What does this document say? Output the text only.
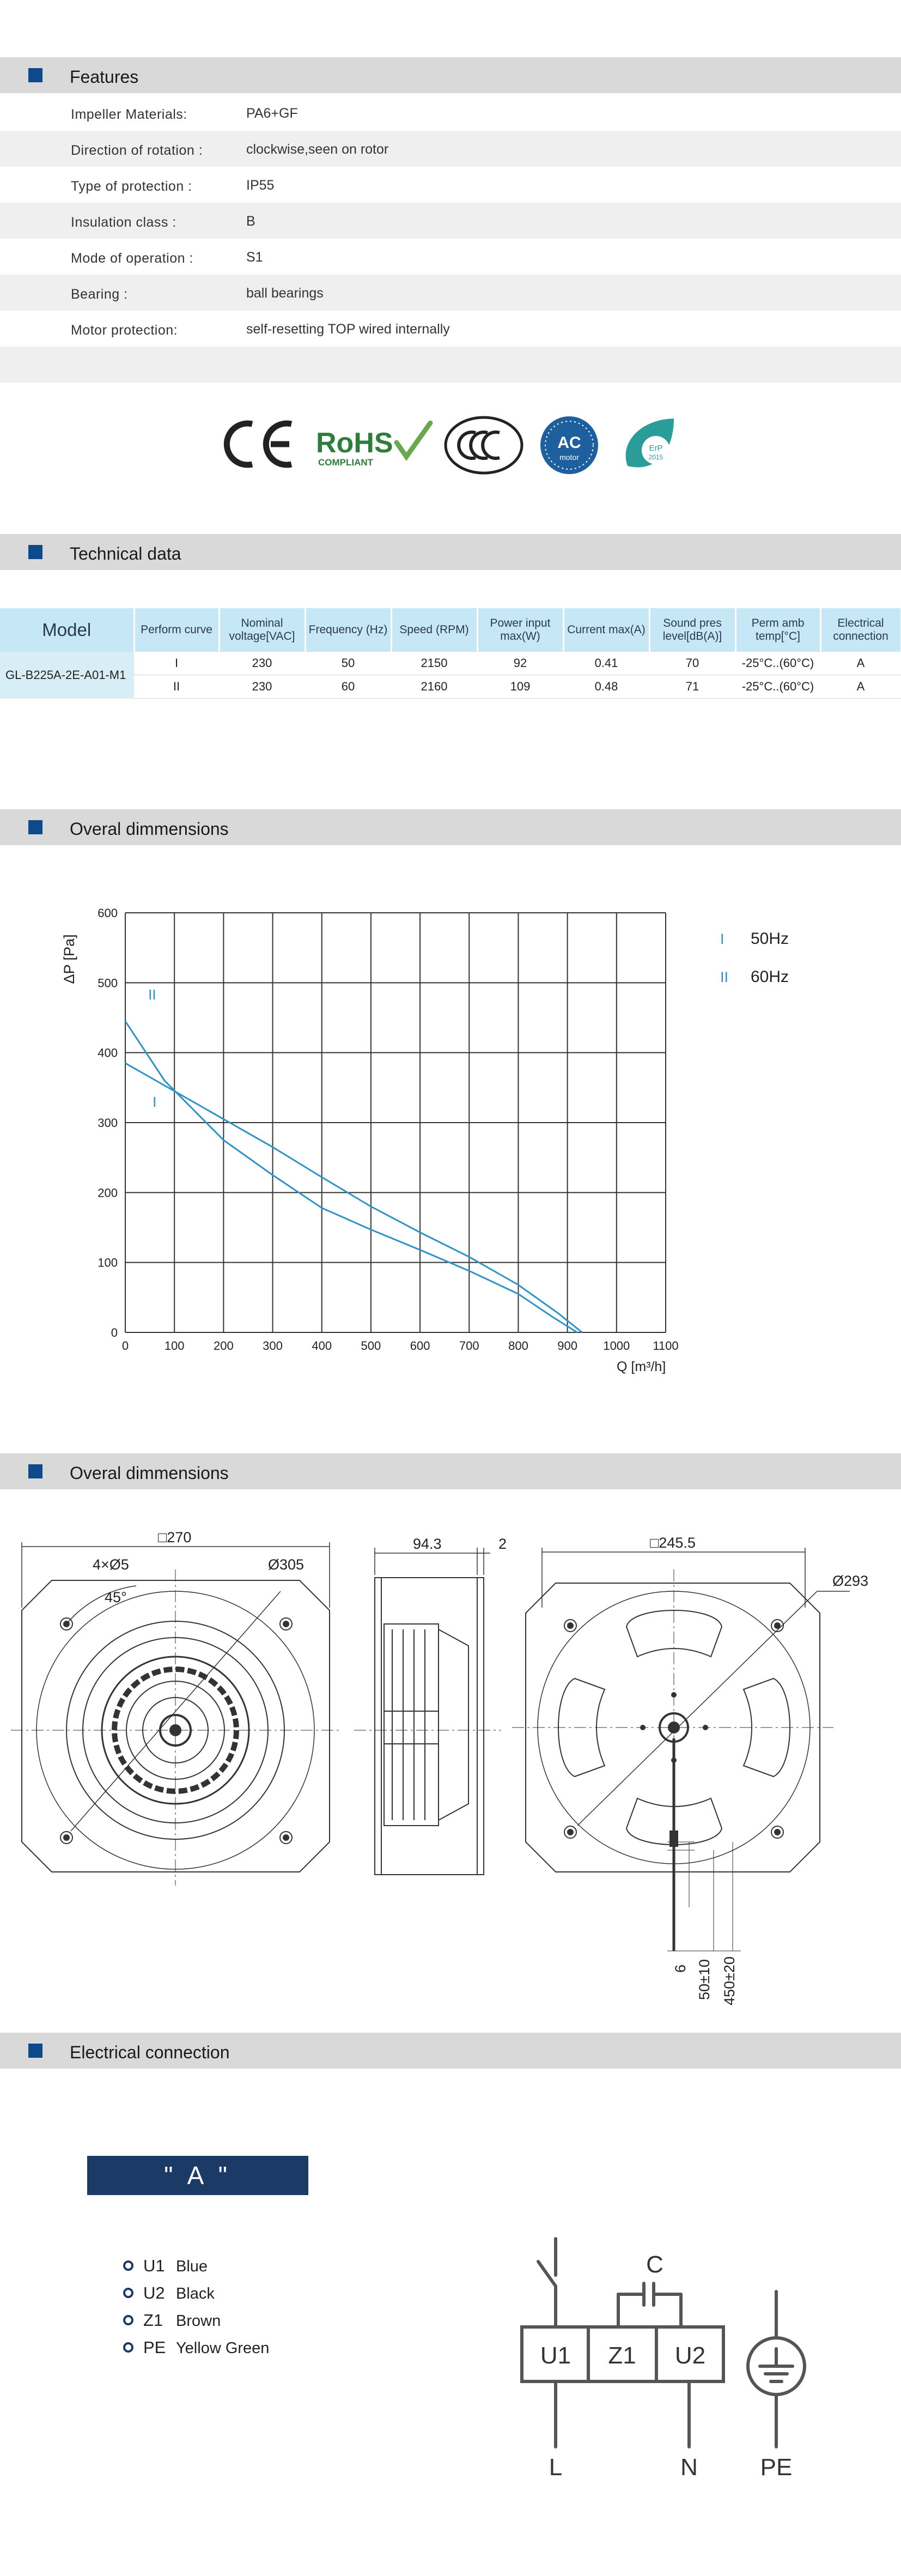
Features
Impeller Materials:	PA6+GF
Direction of rotation :	clockwise,seen on rotor
Type of protection :	IP55
Insulation class :	B
Mode of operation :	S1
Bearing :	ball bearings
Motor protection:	self-resetting TOP wired internally
RoHS
COMPLIANT
AC
motor
ErP
2015
Technical data
Model	Perform curve	Nominal voltage[VAC]	Frequency (Hz)	Speed (RPM)	Power input max(W)	Current max(A)	Sound pres level[dB(A)]	Perm amb temp[°C]	Electrical connection
GL-B225A-2E-A01-M1	I	230	50	2150	92	0.41	70	-25°C..(60°C)	A
	II	230	60	2160	109	0.48	71	-25°C..(60°C)	A
Overal dimmensions
0	100 200 300 400 500 600 700 800 900 1000 1100
0
100
200
300
400
500
600
I
II
I 50Hz
II 60Hz
Q [m³/h]
ΔP [Pa]
Overal dimmensions
□270
4×Ø5	Ø305
45°
94.3	2	□245.5
Ø293
6 50±10 450±20
Electrical connection
" A "
U1 Blue
U2 Black
Z1 Brown
PE Yellow Green	U1 Z1 U2
C
L	N	PE
